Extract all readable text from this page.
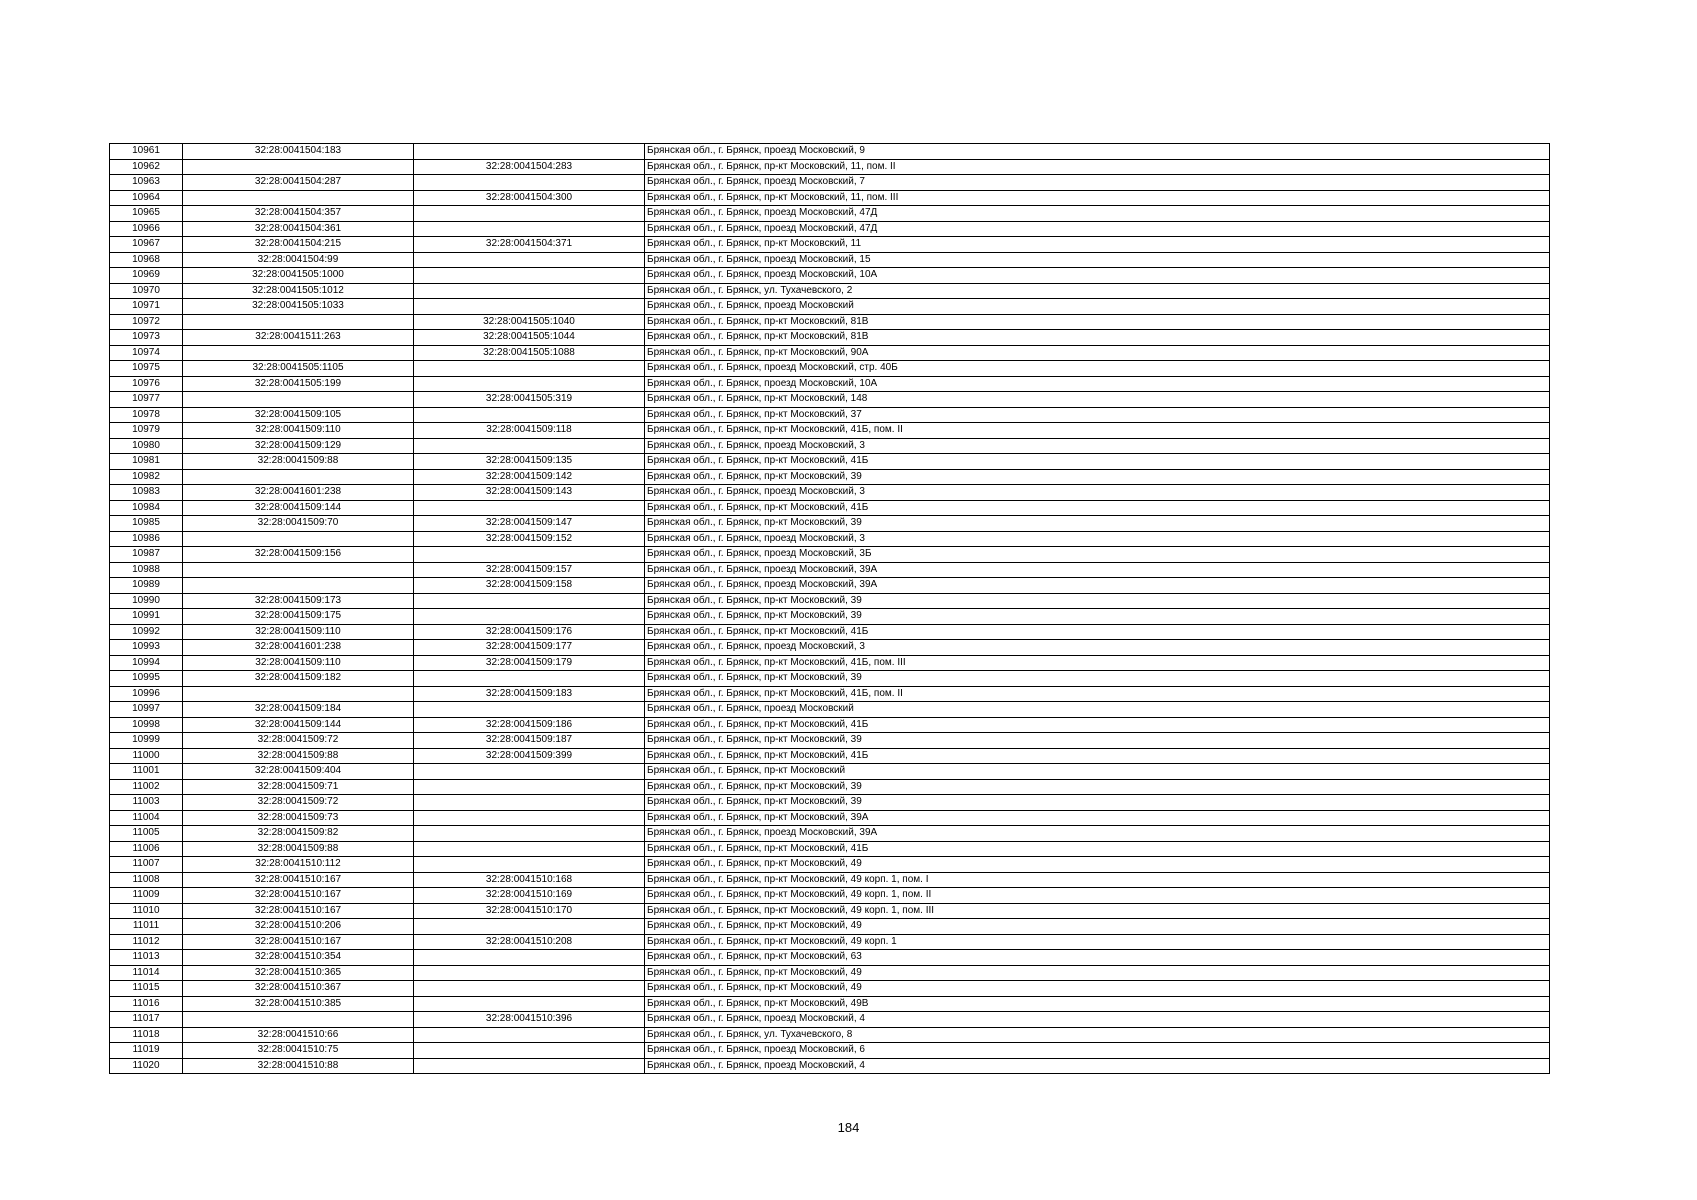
10961	32:28:0041504:183		Брянская обл., г. Брянск, проезд Московский, 9
10962		32:28:0041504:283	Брянская обл., г. Брянск, пр-кт Московский, 11, пом. II
10963	32:28:0041504:287		Брянская обл., г. Брянск, проезд Московский, 7
10964		32:28:0041504:300	Брянская обл., г. Брянск, пр-кт Московский, 11, пом. III
10965	32:28:0041504:357		Брянская обл., г. Брянск, проезд Московский, 47Д
10966	32:28:0041504:361		Брянская обл., г. Брянск, проезд Московский, 47Д
10967	32:28:0041504:215	32:28:0041504:371	Брянская обл., г. Брянск, пр-кт Московский, 11
10968	32:28:0041504:99		Брянская обл., г. Брянск, проезд Московский, 15
10969	32:28:0041505:1000		Брянская обл., г. Брянск, проезд Московский, 10А
10970	32:28:0041505:1012		Брянская обл., г. Брянск, ул. Тухачевского, 2
10971	32:28:0041505:1033		Брянская обл., г. Брянск, проезд Московский
10972		32:28:0041505:1040	Брянская обл., г. Брянск, пр-кт Московский, 81В
10973	32:28:0041511:263	32:28:0041505:1044	Брянская обл., г. Брянск, пр-кт Московский, 81В
10974		32:28:0041505:1088	Брянская обл., г. Брянск, пр-кт Московский, 90А
10975	32:28:0041505:1105		Брянская обл., г. Брянск, проезд Московский, стр. 40Б
10976	32:28:0041505:199		Брянская обл., г. Брянск, проезд Московский, 10А
10977		32:28:0041505:319	Брянская обл., г. Брянск, пр-кт Московский, 148
10978	32:28:0041509:105		Брянская обл., г. Брянск, пр-кт Московский, 37
10979	32:28:0041509:110	32:28:0041509:118	Брянская обл., г. Брянск, пр-кт Московский, 41Б, пом. II
10980	32:28:0041509:129		Брянская обл., г. Брянск, проезд Московский, 3
10981	32:28:0041509:88	32:28:0041509:135	Брянская обл., г. Брянск, пр-кт Московский, 41Б
10982		32:28:0041509:142	Брянская обл., г. Брянск, пр-кт Московский, 39
10983	32:28:0041601:238	32:28:0041509:143	Брянская обл., г. Брянск, проезд Московский, 3
10984	32:28:0041509:144		Брянская обл., г. Брянск, пр-кт Московский, 41Б
10985	32:28:0041509:70	32:28:0041509:147	Брянская обл., г. Брянск, пр-кт Московский, 39
10986		32:28:0041509:152	Брянская обл., г. Брянск, проезд Московский, 3
10987	32:28:0041509:156		Брянская обл., г. Брянск, проезд Московский, 3Б
10988		32:28:0041509:157	Брянская обл., г. Брянск, проезд Московский, 39А
10989		32:28:0041509:158	Брянская обл., г. Брянск, проезд Московский, 39А
10990	32:28:0041509:173		Брянская обл., г. Брянск, пр-кт Московский, 39
10991	32:28:0041509:175		Брянская обл., г. Брянск, пр-кт Московский, 39
10992	32:28:0041509:110	32:28:0041509:176	Брянская обл., г. Брянск, пр-кт Московский, 41Б
10993	32:28:0041601:238	32:28:0041509:177	Брянская обл., г. Брянск, проезд Московский, 3
10994	32:28:0041509:110	32:28:0041509:179	Брянская обл., г. Брянск, пр-кт Московский, 41Б, пом. III
10995	32:28:0041509:182		Брянская обл., г. Брянск, пр-кт Московский, 39
10996		32:28:0041509:183	Брянская обл., г. Брянск, пр-кт Московский, 41Б, пом. II
10997	32:28:0041509:184		Брянская обл., г. Брянск, проезд Московский
10998	32:28:0041509:144	32:28:0041509:186	Брянская обл., г. Брянск, пр-кт Московский, 41Б
10999	32:28:0041509:72	32:28:0041509:187	Брянская обл., г. Брянск, пр-кт Московский, 39
11000	32:28:0041509:88	32:28:0041509:399	Брянская обл., г. Брянск, пр-кт Московский, 41Б
11001	32:28:0041509:404		Брянская обл., г. Брянск, пр-кт Московский
11002	32:28:0041509:71		Брянская обл., г. Брянск, пр-кт Московский, 39
11003	32:28:0041509:72		Брянская обл., г. Брянск, пр-кт Московский, 39
11004	32:28:0041509:73		Брянская обл., г. Брянск, пр-кт Московский, 39А
11005	32:28:0041509:82		Брянская обл., г. Брянск, проезд Московский, 39А
11006	32:28:0041509:88		Брянская обл., г. Брянск, пр-кт Московский, 41Б
11007	32:28:0041510:112		Брянская обл., г. Брянск, пр-кт Московский, 49
11008	32:28:0041510:167	32:28:0041510:168	Брянская обл., г. Брянск, пр-кт Московский, 49 корп. 1, пом. I
11009	32:28:0041510:167	32:28:0041510:169	Брянская обл., г. Брянск, пр-кт Московский, 49 корп. 1, пом. II
11010	32:28:0041510:167	32:28:0041510:170	Брянская обл., г. Брянск, пр-кт Московский, 49 корп. 1, пом. III
11011	32:28:0041510:206		Брянская обл., г. Брянск, пр-кт Московский, 49
11012	32:28:0041510:167	32:28:0041510:208	Брянская обл., г. Брянск, пр-кт Московский, 49 корп. 1
11013	32:28:0041510:354		Брянская обл., г. Брянск, пр-кт Московский, 63
11014	32:28:0041510:365		Брянская обл., г. Брянск, пр-кт Московский, 49
11015	32:28:0041510:367		Брянская обл., г. Брянск, пр-кт Московский, 49
11016	32:28:0041510:385		Брянская обл., г. Брянск, пр-кт Московский, 49В
11017		32:28:0041510:396	Брянская обл., г. Брянск, проезд Московский, 4
11018	32:28:0041510:66		Брянская обл., г. Брянск, ул. Тухачевского, 8
11019	32:28:0041510:75		Брянская обл., г. Брянск, проезд Московский, 6
11020	32:28:0041510:88		Брянская обл., г. Брянск, проезд Московский, 4
184
